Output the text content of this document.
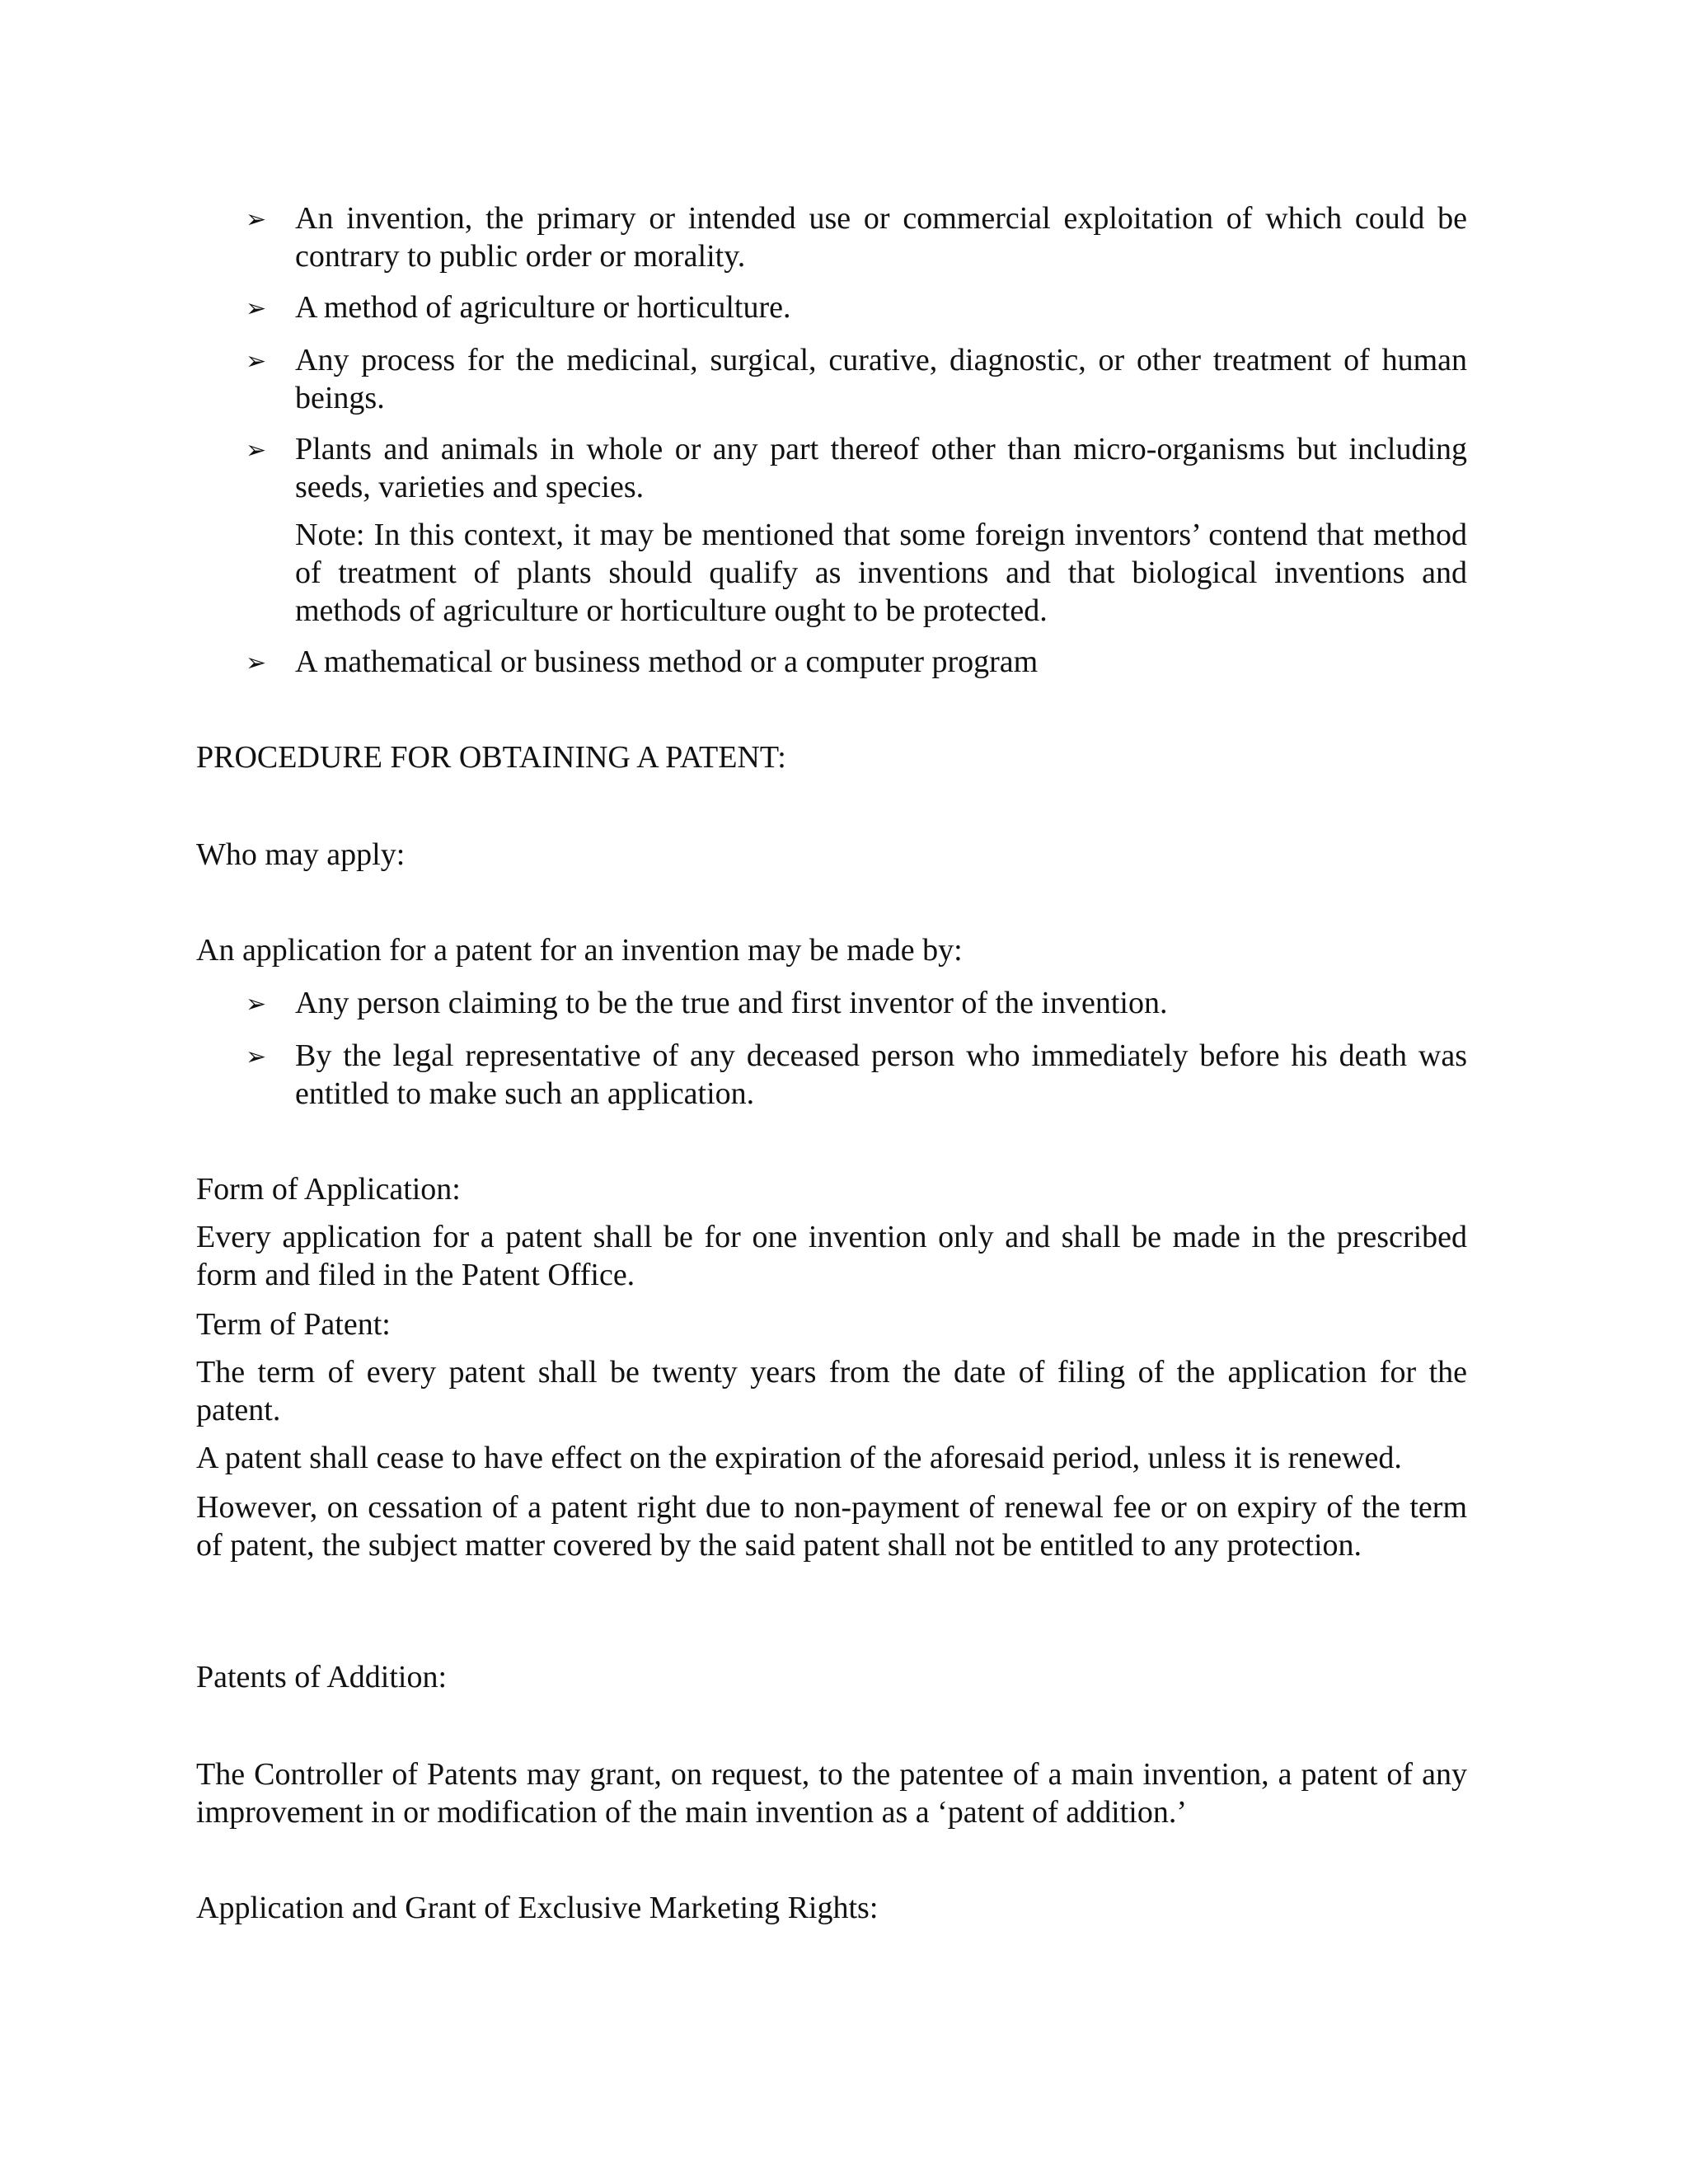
➢ An invention, the primary or intended use or commercial exploitation of which could be contrary to public order or morality.
➢ A method of agriculture or horticulture.
➢ Any process for the medicinal, surgical, curative, diagnostic, or other treatment of human beings.
➢ Plants and animals in whole or any part thereof other than micro-organisms but including seeds, varieties and species.

Note: In this context, it may be mentioned that some foreign inventors’ contend that method of treatment of plants should qualify as inventions and that biological inventions and methods of agriculture or horticulture ought to be protected.

➢ A mathematical or business method or a computer program

PROCEDURE FOR OBTAINING A PATENT:

Who may apply:

An application for a patent for an invention may be made by:

➢ Any person claiming to be the true and first inventor of the invention.
➢ By the legal representative of any deceased person who immediately before his death was entitled to make such an application.

Form of Application:

Every application for a patent shall be for one invention only and shall be made in the prescribed form and filed in the Patent Office.

Term of Patent:

The term of every patent shall be twenty years from the date of filing of the application for the patent.

A patent shall cease to have effect on the expiration of the aforesaid period, unless it is renewed.

However, on cessation of a patent right due to non-payment of renewal fee or on expiry of the term of patent, the subject matter covered by the said patent shall not be entitled to any protection.

Patents of Addition:

The Controller of Patents may grant, on request, to the patentee of a main invention, a patent of any improvement in or modification of the main invention as a ‘patent of addition.’

Application and Grant of Exclusive Marketing Rights:
